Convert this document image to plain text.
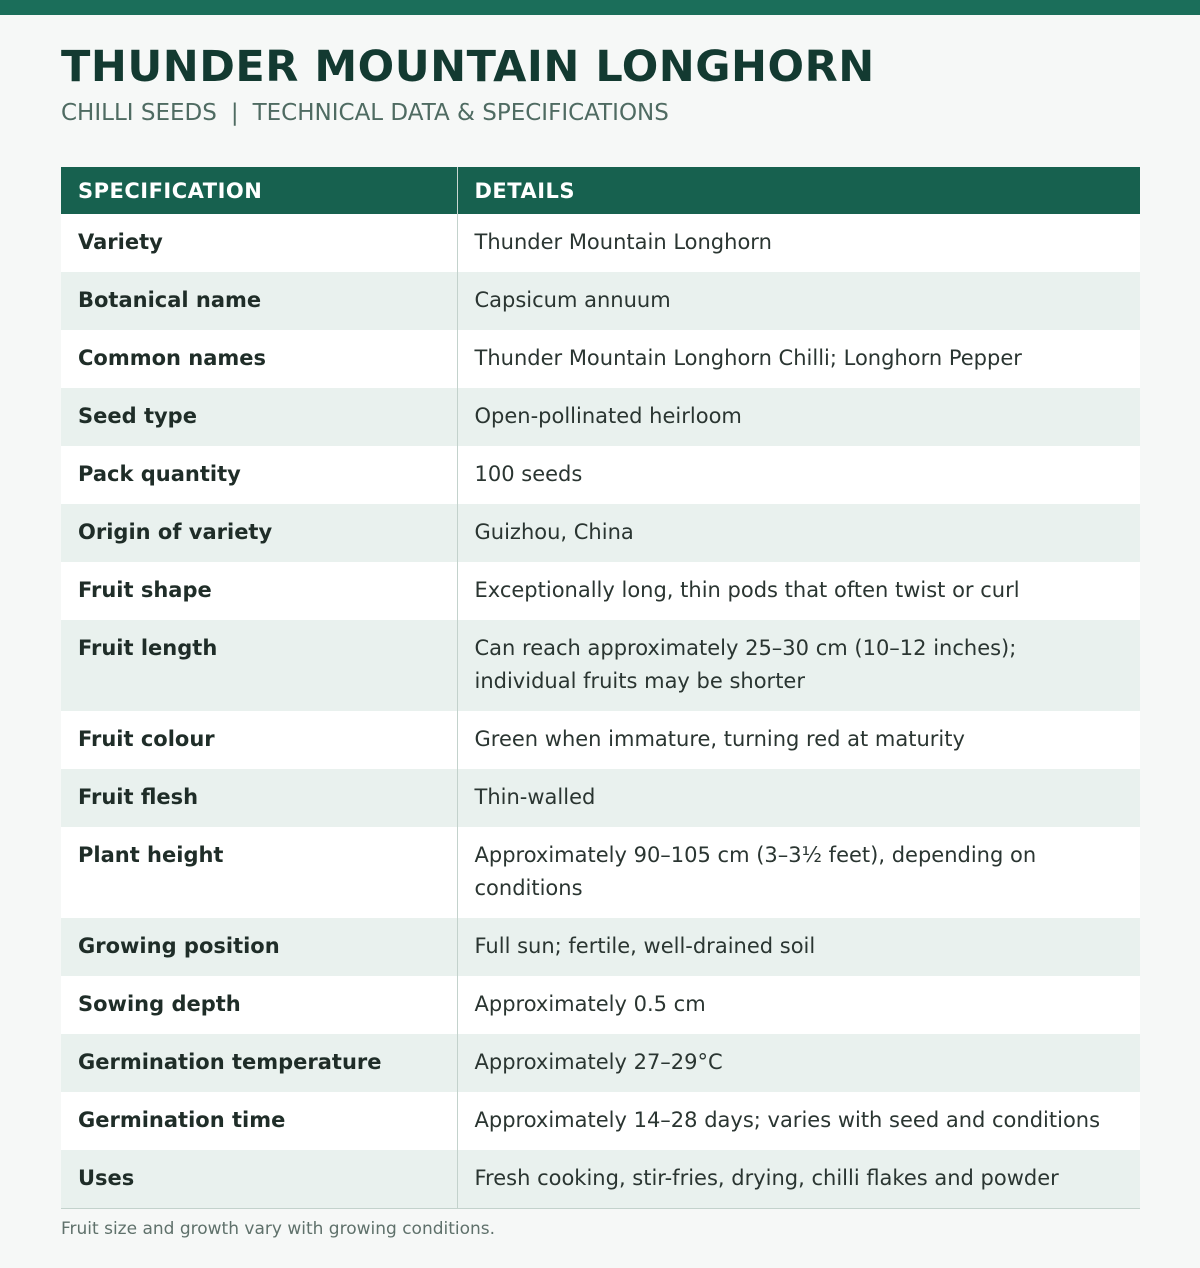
THUNDER MOUNTAIN LONGHORN
CHILLI SEEDS | TECHNICAL DATA & SPECIFICATIONS
SPECIFICATION	DETAILS
Variety	Thunder Mountain Longhorn
Botanical name	Capsicum annuum
Common names	Thunder Mountain Longhorn Chilli; Longhorn Pepper
Seed type	Open-pollinated heirloom
Pack quantity	100 seeds
Origin of variety	Guizhou, China
Fruit shape	Exceptionally long, thin pods that often twist or curl
Fruit length	Can reach approximately 25–30 cm (10–12 inches); individual fruits may be shorter
Fruit colour	Green when immature, turning red at maturity
Fruit flesh	Thin-walled
Plant height	Approximately 90–105 cm (3–3½ feet), depending on conditions
Growing position	Full sun; fertile, well-drained soil
Sowing depth	Approximately 0.5 cm
Germination temperature	Approximately 27–29°C
Germination time	Approximately 14–28 days; varies with seed and conditions
Uses	Fresh cooking, stir-fries, drying, chilli flakes and powder
Fruit size and growth vary with growing conditions.
